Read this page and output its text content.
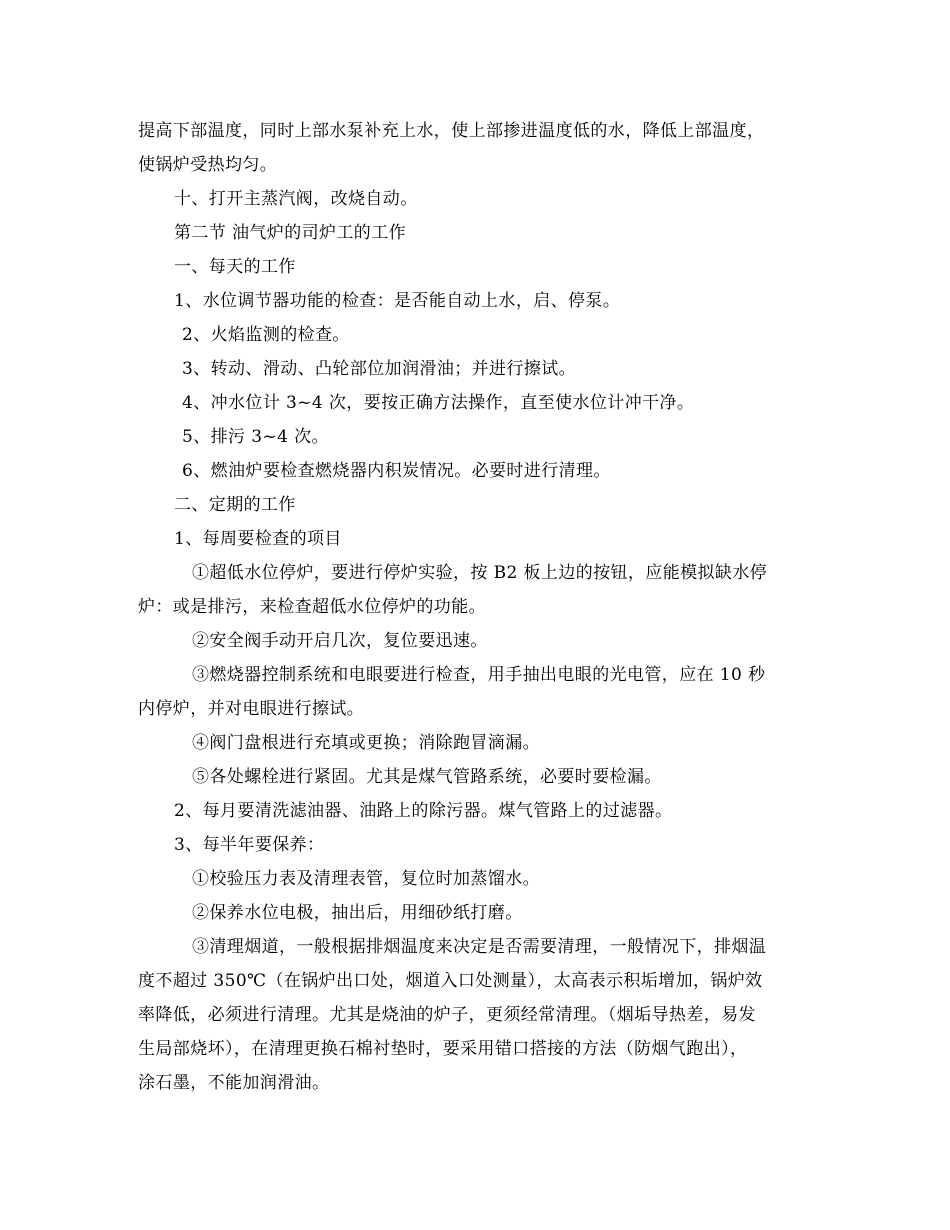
提高下部温度，同时上部水泵补充上水，使上部掺进温度低的水，降低上部温度，
使锅炉受热均匀。
十、打开主蒸汽阀，改烧自动。
第二节 油气炉的司炉工的工作
一、每天的工作
1、水位调节器功能的检查：是否能自动上水，启、停泵。
2、火焰监测的检查。
3、转动、滑动、凸轮部位加润滑油；并进行擦试。
4、冲水位计 3~4 次，要按正确方法操作，直至使水位计冲干净。
5、排污 3~4 次。
6、燃油炉要检查燃烧器内积炭情况。必要时进行清理。
二、定期的工作
1、每周要检查的项目
①超低水位停炉，要进行停炉实验，按 B2 板上边的按钮，应能模拟缺水停
炉：或是排污，来检查超低水位停炉的功能。
②安全阀手动开启几次，复位要迅速。
③燃烧器控制系统和电眼要进行检查，用手抽出电眼的光电管，应在 10 秒
内停炉，并对电眼进行擦试。
④阀门盘根进行充填或更换；消除跑冒滴漏。
⑤各处螺栓进行紧固。尤其是煤气管路系统，必要时要检漏。
2、每月要清洗滤油器、油路上的除污器。煤气管路上的过滤器。
3、每半年要保养：
①校验压力表及清理表管，复位时加蒸馏水。
②保养水位电极，抽出后，用细砂纸打磨。
③清理烟道，一般根据排烟温度来决定是否需要清理，一般情况下，排烟温
度不超过 350℃（在锅炉出口处，烟道入口处测量），太高表示积垢增加，锅炉效
率降低，必须进行清理。尤其是烧油的炉子，更须经常清理。（烟垢导热差，易发
生局部烧坏），在清理更换石棉衬垫时，要采用错口搭接的方法（防烟气跑出），
涂石墨，不能加润滑油。
